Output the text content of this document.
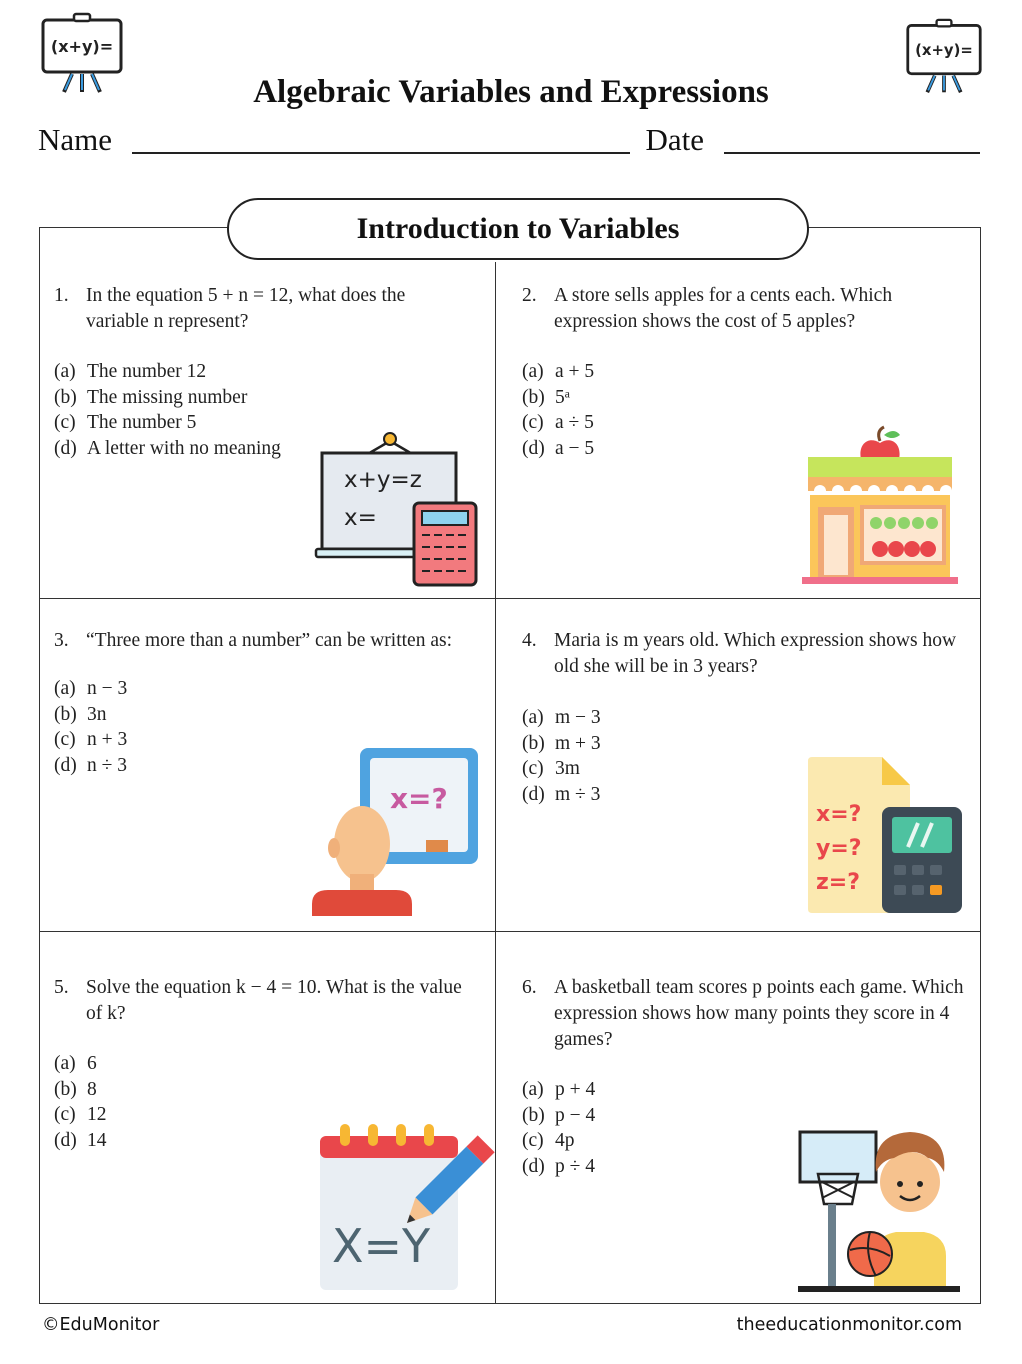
(x+y)=	(x+y)=
Algebraic Variables and Expressions
Name	Date
Introduction to Variables
1. In the equation 5 + n = 12, what does the variable n represent?
(a) The number 12
(b) The missing number
(c) The number 5
(d) A letter with no meaning
x+y=z
x=
2. A store sells apples for a cents each. Which expression shows the cost of 5 apples?
(a) a + 5
(b) 5ᵃ
(c) a ÷ 5
(d) a − 5
3. “Three more than a number” can be written as:
(a) n − 3
(b) 3n
(c) n + 3
(d) n ÷ 3
x=?
4. Maria is m years old. Which expression shows how old she will be in 3 years?
(a) m − 3
(b) m + 3
(c) 3m
(d) m ÷ 3
x=?
y=?
z=?
5. Solve the equation k − 4 = 10. What is the value of k?
(a) 6
(b) 8
(c) 12
(d) 14
X=Y
6. A basketball team scores p points each game. Which expression shows how many points they score in 4 games?
(a) p + 4
(b) p − 4
(c) 4p
(d) p ÷ 4
©EduMonitor	theeducationmonitor.com
